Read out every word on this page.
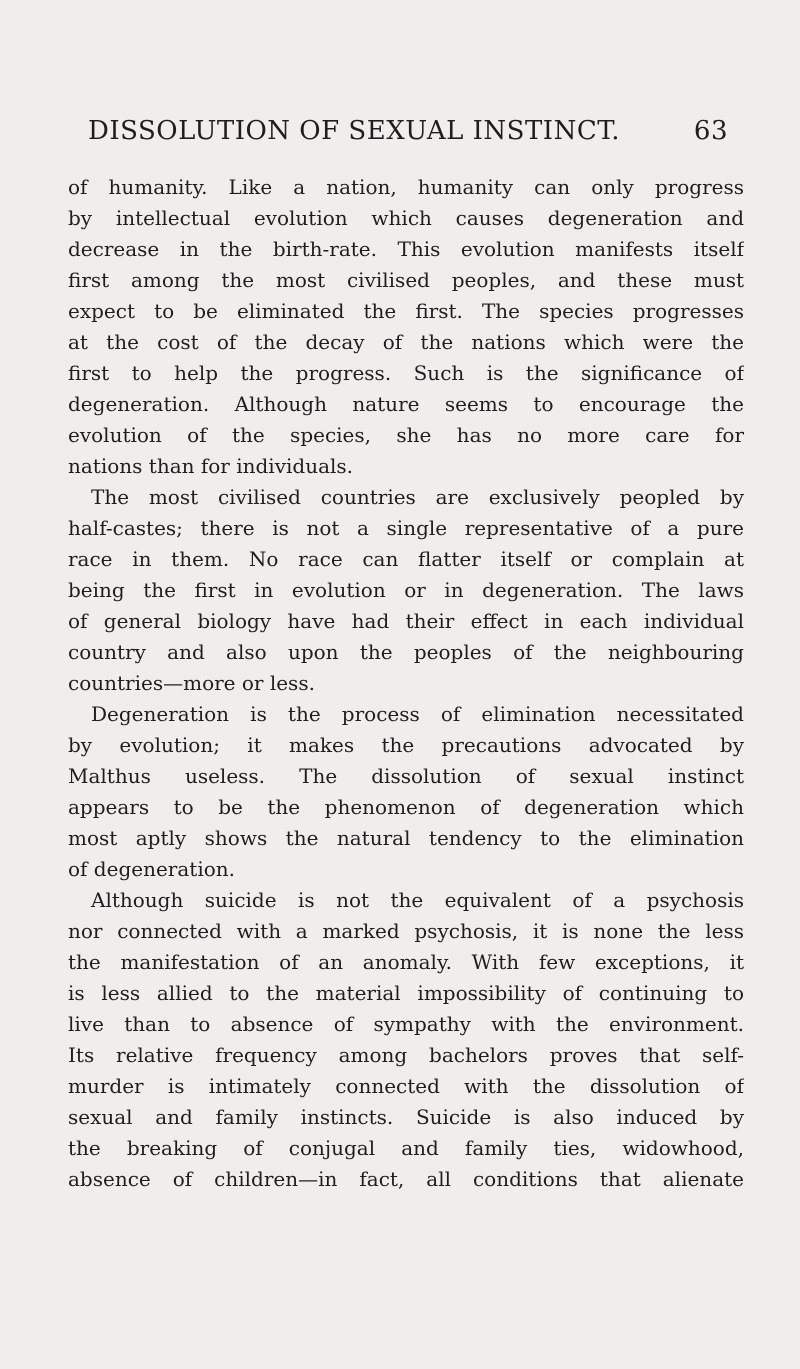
DISSOLUTION OF SEXUAL INSTINCT.	63
of humanity. Like a nation, humanity can only progress
by intellectual evolution which causes degeneration and
decrease in the birth-rate. This evolution manifests itself
first among the most civilised peoples, and these must
expect to be eliminated the first. The species progresses
at the cost of the decay of the nations which were the
first to help the progress. Such is the significance of
degeneration. Although nature seems to encourage the
evolution of the species, she has no more care for
nations than for individuals.
The most civilised countries are exclusively peopled by
half-castes; there is not a single representative of a pure
race in them. No race can flatter itself or complain at
being the first in evolution or in degeneration. The laws
of general biology have had their effect in each individual
country and also upon the peoples of the neighbouring
countries—more or less.
Degeneration is the process of elimination necessitated
by evolution; it makes the precautions advocated by
Malthus useless. The dissolution of sexual instinct
appears to be the phenomenon of degeneration which
most aptly shows the natural tendency to the elimination
of degeneration.
Although suicide is not the equivalent of a psychosis
nor connected with a marked psychosis, it is none the less
the manifestation of an anomaly. With few exceptions, it
is less allied to the material impossibility of continuing to
live than to absence of sympathy with the environment.
Its relative frequency among bachelors proves that self-
murder is intimately connected with the dissolution of
sexual and family instincts. Suicide is also induced by
the breaking of conjugal and family ties, widowhood,
absence of children—in fact, all conditions that alienate
